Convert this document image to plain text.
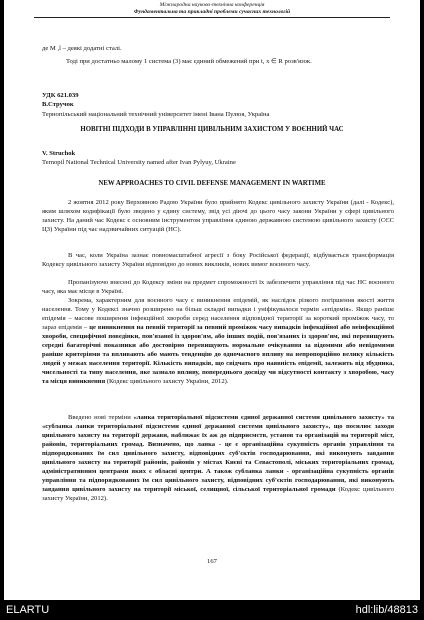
Міжнародна науково-технічна конференція
Фундаментальна та прикладні проблеми сучасних технологій
де M ,l – деякі додатні сталі.
Тоді при достатньо малому 1 система (3) має єдиний обмежений при t, x ∈ R розв'язок.
УДК 621.039
В.Стручок
Тернопільський національний технічний університет імені Івана Пулюя, Україна
НОВІТНІ ПІДХОДИ В УПРАВЛІННІ ЦИВІЛЬНИМ ЗАХИСТОМ У ВОЄННИЙ ЧАС
V. Struchok
Ternopil National Technical University named after Ivan Pylyuy, Ukraine
NEW APPROACHES TO CIVIL DEFENSE MANAGEMENT IN WARTIME
2 жовтня 2012 року Верховною Радою України було прийнято Кодекс цивільного захисту України (далі - Кодекс), яким шляхом кодифікації було зведено у єдину систему, звід усі діючі до цього часу закони України у сфері цивільного захисту. На даний час Кодекс є основним інструментом управління єдиною державною системою цивільного захисту (СЄС ЦЗ) України під час надзвичайних ситуацій (НС).
В час, коли Україна зазнає повномасштабної агресії з боку Російської федерації, відбувається трансформація Кодексу цивільного захисту України відповідно до нових викликів, нових вимог воєнного часу.
Пропанізуючо внесені до Кодексу зміни на предмет спроможності їх забезпечити управління під час НС воєнного часу, яка має місце в Україні.
Зокрема, характерним для воєнного часу є виникнення епідемій, як наслідок різкого погіршення якості життя населення. Тому у Кодексі значно розширено на більш складні випадки і уніфікувалося термін «епідемія». Якщо раніше епідемія – масове поширення інфекційної хвороби серед населення відповідної території за короткий проміжок часу, то зараз епідемія – це виникнення на певній території за певний проміжок часу випадків інфекційної або неінфекційної хвороби, специфічної поведінки, пов'язаної із здоров'ям, або інших подій, пов'язаних із здоров'ям, які перевищують середні багаторічні показники або достовірно перевищують нормальне очікування за відомими або невідомими раніше критеріями та впливають або мають тенденцію до одночасного впливу на непропорційно велику кількість людей у межах населення території. Кількість випадків, що свідчать про наявність епідемії, залежить від збудника, чисельності та типу населення, яке зазнало впливу, попереднього досвіду чи відсутності контакту з хворобою, часу та місця виникнення (Кодекс цивільного захисту України, 2012).
Введено нові терміни «ланка територіальної підсистеми єдиної державної системи цивільного захисту» та «субланка ланки територіальної підсистеми єдиної державної системи цивільного захисту», що посилює заходи цивільного захисту на території держави, наближає їх аж до підприємств, установ та організацій на території міст, районів, територіальних громад. Визначено, що ланка - це є організаційна сукупність органів управління та підпорядкованих їм сил цивільного захисту, відповідних суб'єктів господарювання, які виконують завдання цивільного захисту на території районів, районів у містах Києві та Севастополі, міських територіальних громад, адміністративним центрами яких є обласні центри. А також субланка ланки - організаційна сукупність органів управління та підпорядкованих їм сил цивільного захисту, відповідних суб'єктів господарювання, які виконують завдання цивільного захисту на території міської, селищної, сільської територіальної громади (Кодекс цивільного захисту України, 2012).
167
ELARTU	hdl:lib/48813
